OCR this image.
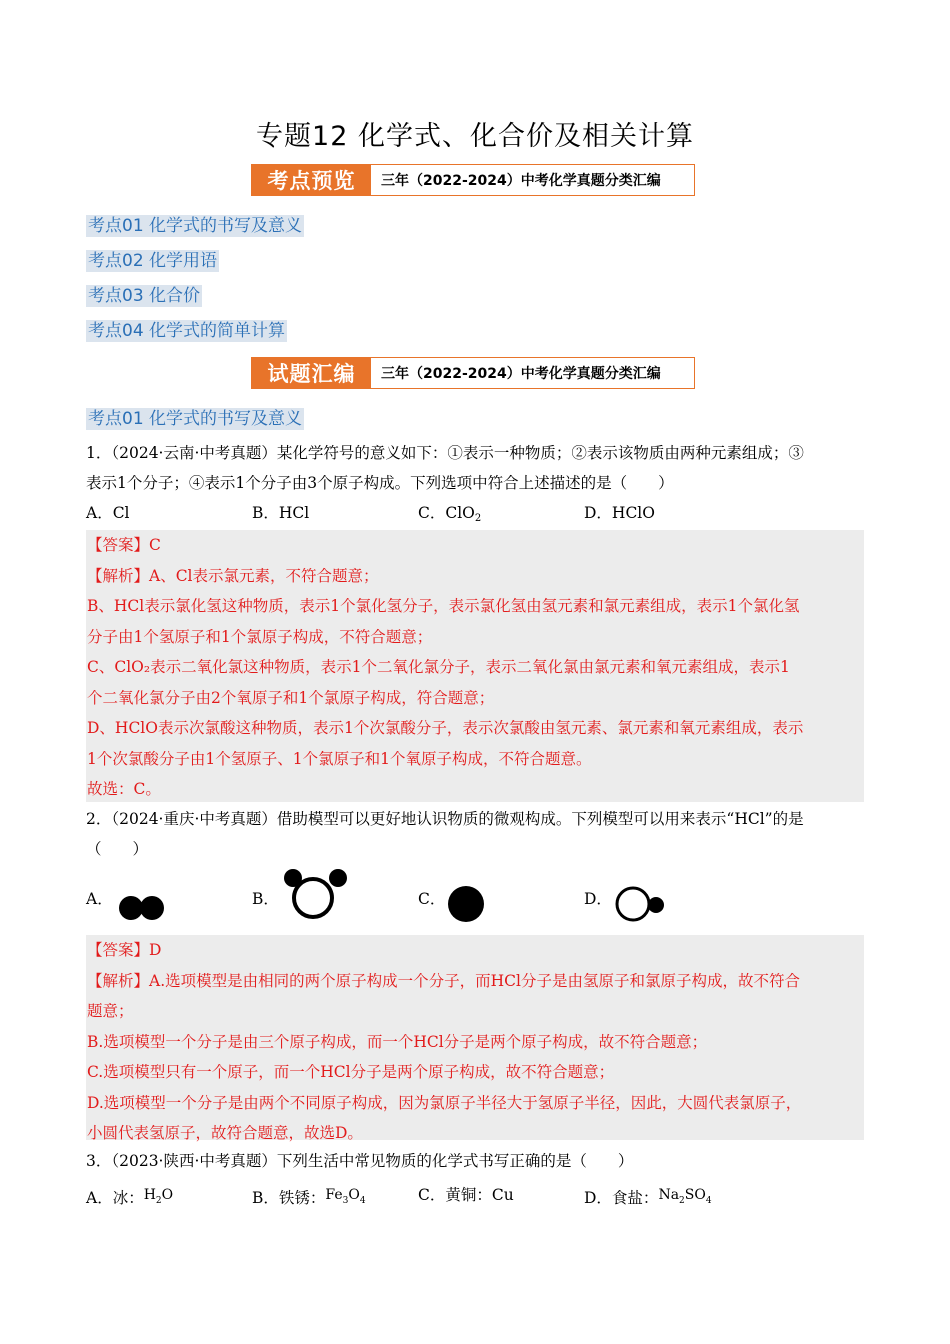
专题12 化学式、化合价及相关计算
考点预览	三年（2022-2024）中考化学真题分类汇编
考点01 化学式的书写及意义
考点02 化学用语
考点03 化合价
考点04 化学式的简单计算
试题汇编	三年（2022-2024）中考化学真题分类汇编
考点01 化学式的书写及意义
1．（2024·云南·中考真题）某化学符号的意义如下：①表示一种物质；②表示该物质由两种元素组成；③
表示1个分子；④表示1个分子由3个原子构成。下列选项中符合上述描述的是（　　）
A．Cl	B．HCl	C．ClO2	D．HClO
【答案】C
【解析】A、Cl表示氯元素，不符合题意；
B、HCl表示氯化氢这种物质，表示1个氯化氢分子，表示氯化氢由氢元素和氯元素组成，表示1个氯化氢
分子由1个氢原子和1个氯原子构成，不符合题意；
C、ClO₂表示二氧化氯这种物质，表示1个二氧化氯分子，表示二氧化氯由氯元素和氧元素组成，表示1
个二氧化氯分子由2个氧原子和1个氯原子构成，符合题意；
D、HClO表示次氯酸这种物质，表示1个次氯酸分子，表示次氯酸由氢元素、氯元素和氧元素组成，表示
1个次氯酸分子由1个氢原子、1个氯原子和1个氧原子构成，不符合题意。
故选：C。
2．（2024·重庆·中考真题）借助模型可以更好地认识物质的微观构成。下列模型可以用来表示“HCl”的是
（　　）
A．	B．	C．	D．
【答案】D
【解析】A.选项模型是由相同的两个原子构成一个分子，而HCl分子是由氢原子和氯原子构成，故不符合
题意；
B.选项模型一个分子是由三个原子构成，而一个HCl分子是两个原子构成，故不符合题意；
C.选项模型只有一个原子，而一个HCl分子是两个原子构成，故不符合题意；
D.选项模型一个分子是由两个不同原子构成，因为氯原子半径大于氢原子半径，因此，大圆代表氯原子，
小圆代表氢原子，故符合题意，故选D。
3．（2023·陕西·中考真题）下列生活中常见物质的化学式书写正确的是（　　）
A．冰：$H_2O$	B．铁锈：$Fe_3O_4$	C．黄铜：Cu	D．食盐：$Na_2SO_4$
